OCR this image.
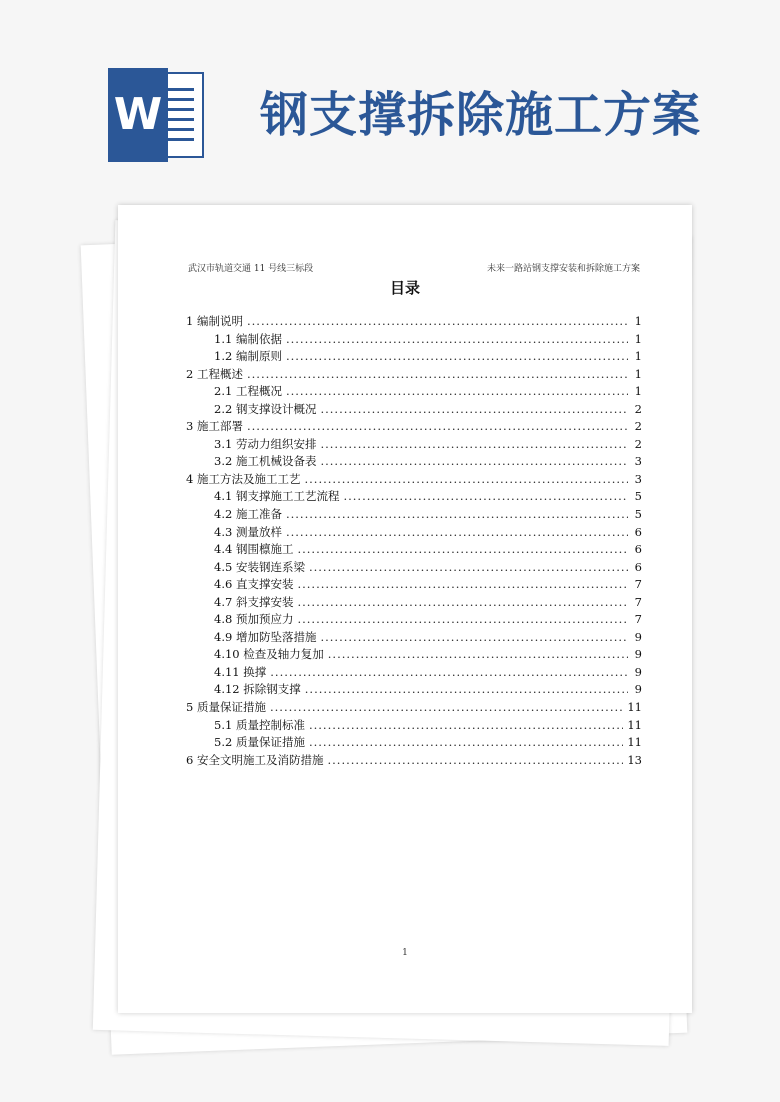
W 钢支撑拆除施工方案
武汉市轨道交通 11 号线三标段	未来一路站钢支撑安装和拆除施工方案
目录
1 编制说明 .....	1
1.1 编制依据 .....	1
1.2 编制原则 .....	1
2 工程概述 .....	1
2.1 工程概况 .....	1
2.2 钢支撑设计概况 .....	2
3 施工部署 .....	2
3.1 劳动力组织安排 .....	2
3.2 施工机械设备表 .....	3
4 施工方法及施工工艺 .....	3
4.1 钢支撑施工工艺流程 .....	5
4.2 施工准备 .....	5
4.3 测量放样 .....	6
4.4 钢围檩施工 .....	6
4.5 安装钢连系梁 .....	6
4.6 直支撑安装 .....	7
4.7 斜支撑安装 .....	7
4.8 预加预应力 .....	7
4.9 增加防坠落措施 .....	9
4.10 检查及轴力复加 .....	9
4.11 换撑 .....	9
4.12 拆除钢支撑 .....	9
5 质量保证措施 .....	11
5.1 质量控制标准 .....	11
5.2 质量保证措施 .....	11
6 安全文明施工及消防措施 .....	13
1
